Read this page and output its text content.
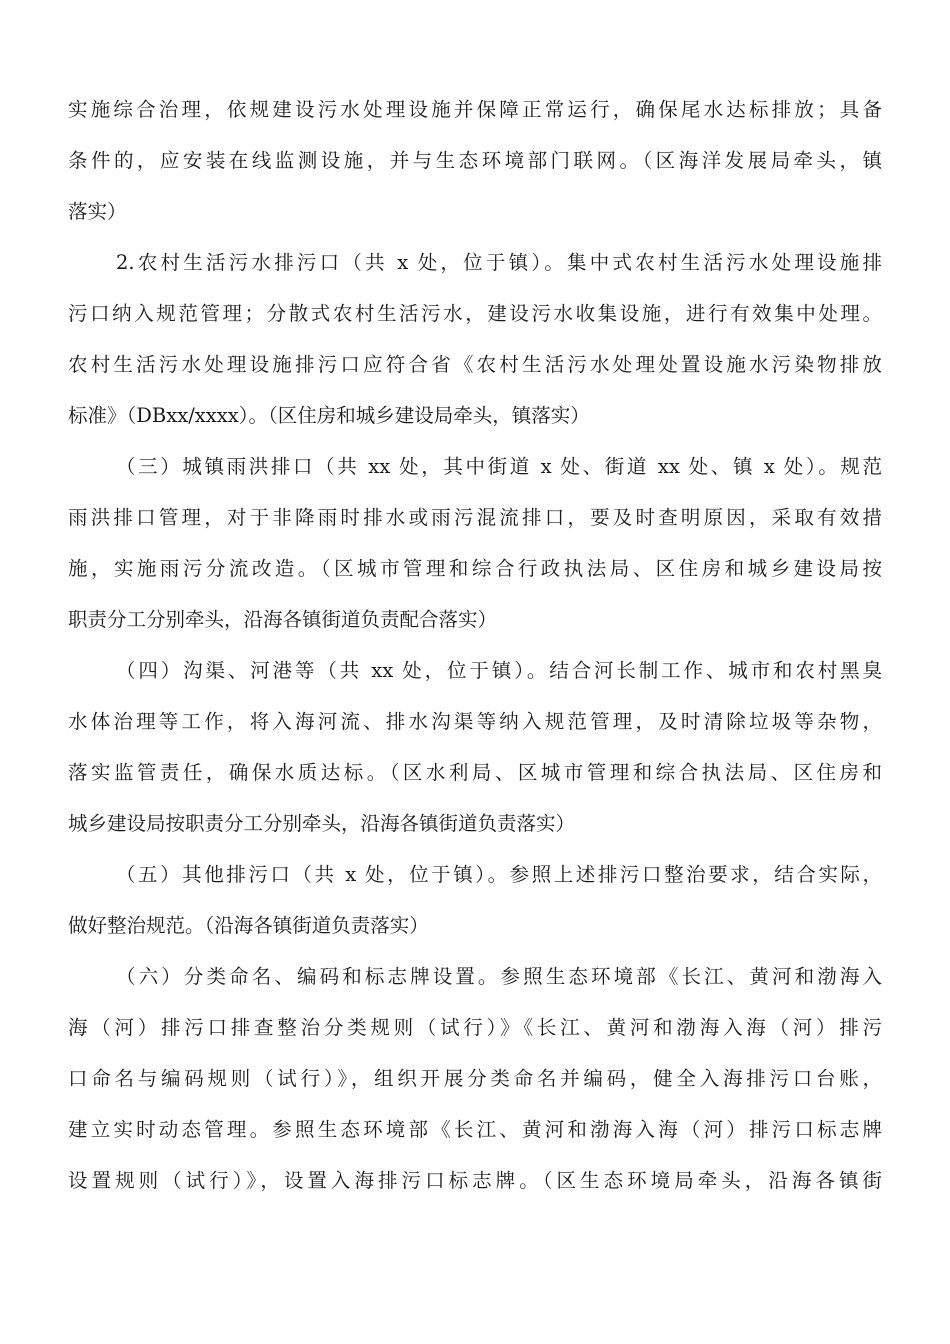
实施综合治理，依规建设污水处理设施并保障正常运行，确保尾水达标排放；具备
条件的，应安装在线监测设施，并与生态环境部门联网。（区海洋发展局牵头，镇
落实）
2.农村生活污水排污口（共 x 处，位于镇）。集中式农村生活污水处理设施排
污口纳入规范管理；分散式农村生活污水，建设污水收集设施，进行有效集中处理。
农村生活污水处理设施排污口应符合省《农村生活污水处理处置设施水污染物排放
标准》（DBxx/xxxx）。（区住房和城乡建设局牵头，镇落实）
（三）城镇雨洪排口（共 xx 处，其中街道 x 处、街道 xx 处、镇 x 处）。规范
雨洪排口管理，对于非降雨时排水或雨污混流排口，要及时查明原因，采取有效措
施，实施雨污分流改造。（区城市管理和综合行政执法局、区住房和城乡建设局按
职责分工分别牵头，沿海各镇街道负责配合落实）
（四）沟渠、河港等（共 xx 处，位于镇）。结合河长制工作、城市和农村黑臭
水体治理等工作，将入海河流、排水沟渠等纳入规范管理，及时清除垃圾等杂物，
落实监管责任，确保水质达标。（区水利局、区城市管理和综合执法局、区住房和
城乡建设局按职责分工分别牵头，沿海各镇街道负责落实）
（五）其他排污口（共 x 处，位于镇）。参照上述排污口整治要求，结合实际，
做好整治规范。（沿海各镇街道负责落实）
（六）分类命名、编码和标志牌设置。参照生态环境部《长江、黄河和渤海入
海（河）排污口排查整治分类规则（试行）》《长江、黄河和渤海入海（河）排污
口命名与编码规则（试行）》，组织开展分类命名并编码，健全入海排污口台账，
建立实时动态管理。参照生态环境部《长江、黄河和渤海入海（河）排污口标志牌
设置规则（试行）》，设置入海排污口标志牌。（区生态环境局牵头，沿海各镇街
